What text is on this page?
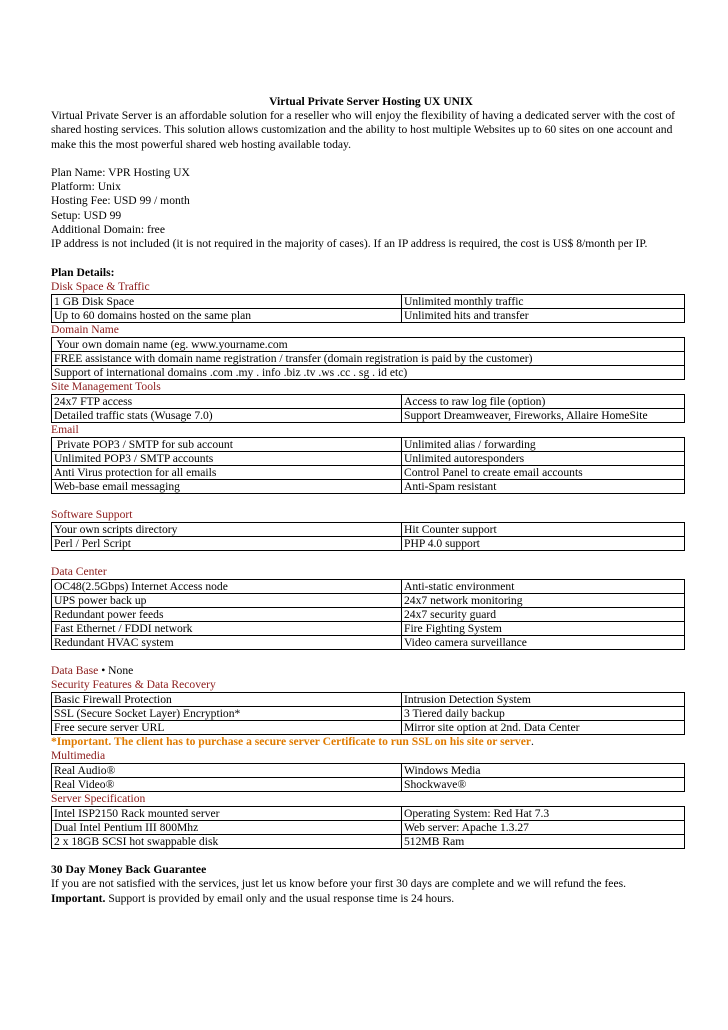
Virtual Private Server Hosting UX UNIX
Virtual Private Server is an affordable solution for a reseller who will enjoy the flexibility of having a dedicated server with the cost of shared hosting services. This solution allows customization and the ability to host multiple Websites up to 60 sites on one account and make this the most powerful shared web hosting available today.
Plan Name: VPR Hosting UX
Platform: Unix
Hosting Fee: USD 99 / month
Setup: USD 99
Additional Domain: free
IP address is not included (it is not required in the majority of cases). If an IP address is required, the cost is US$ 8/month per IP.
Plan Details:
Disk Space & Traffic
1 GB Disk Space	Unlimited monthly traffic
Up to 60 domains hosted on the same plan	Unlimited hits and transfer
Domain Name
Your own domain name (eg. www.yourname.com
FREE assistance with domain name registration / transfer (domain registration is paid by the customer)
Support of international domains .com .my . info .biz .tv .ws .cc . sg . id etc)
Site Management Tools
24x7 FTP access	Access to raw log file (option)
Detailed traffic stats (Wusage 7.0)	Support Dreamweaver, Fireworks, Allaire HomeSite
Email
Private POP3 / SMTP for sub account	Unlimited alias / forwarding
Unlimited POP3 / SMTP accounts	Unlimited autoresponders
Anti Virus protection for all emails	Control Panel to create email accounts
Web-base email messaging	Anti-Spam resistant
Software Support
Your own scripts directory	Hit Counter support
Perl / Perl Script	PHP 4.0 support
Data Center
OC48(2.5Gbps) Internet Access node	Anti-static environment
UPS power back up	24x7 network monitoring
Redundant power feeds	24x7 security guard
Fast Ethernet / FDDI network	Fire Fighting System
Redundant HVAC system	Video camera surveillance
Data Base • None
Security Features & Data Recovery
Basic Firewall Protection	Intrusion Detection System
SSL (Secure Socket Layer) Encryption*	3 Tiered daily backup
Free secure server URL	Mirror site option at 2nd. Data Center
*Important. The client has to purchase a secure server Certificate to run SSL on his site or server.
Multimedia
Real Audio®	Windows Media
Real Video®	Shockwave®
Server Specification
Intel ISP2150 Rack mounted server	Operating System: Red Hat 7.3
Dual Intel Pentium III 800Mhz	Web server: Apache 1.3.27
2 x 18GB SCSI hot swappable disk	512MB Ram
30 Day Money Back Guarantee
If you are not satisfied with the services, just let us know before your first 30 days are complete and we will refund the fees.
Important. Support is provided by email only and the usual response time is 24 hours.
